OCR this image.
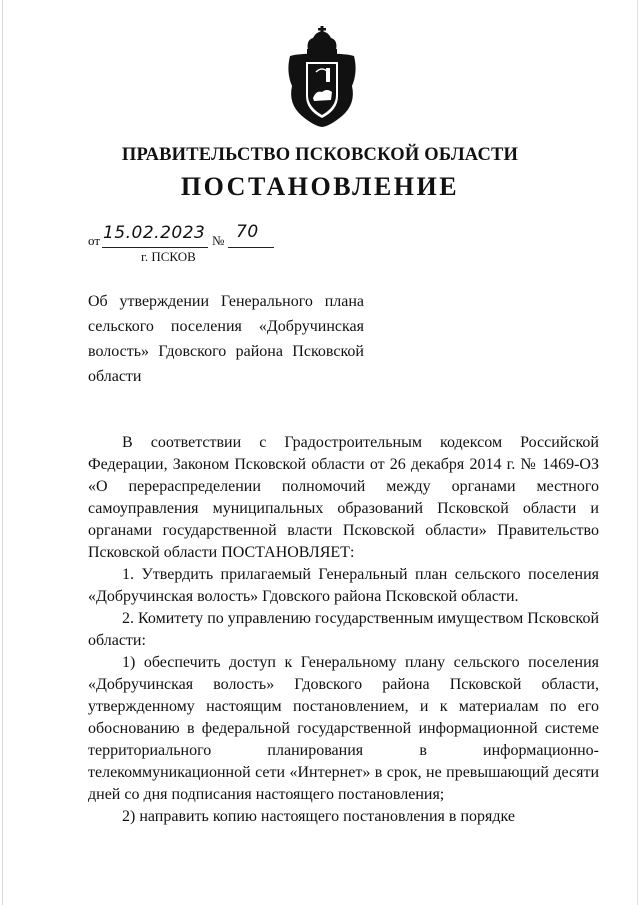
ПРАВИТЕЛЬСТВО ПСКОВСКОЙ ОБЛАСТИ
ПОСТАНОВЛЕНИЕ
от 15.02.2023 № 70
г. ПСКОВ
Об утверждении Генерального плана сельского поселения «Добручинская волость» Гдовского района Псковской области

В соответствии с Градостроительным кодексом Российской Федерации, Законом Псковской области от 26 декабря 2014 г. № 1469-ОЗ «О перераспределении полномочий между органами местного самоуправления муниципальных образований Псковской области и органами государственной власти Псковской области» Правительство Псковской области ПОСТАНОВЛЯЕТ:

1. Утвердить прилагаемый Генеральный план сельского поселения «Добручинская волость» Гдовского района Псковской области.

2. Комитету по управлению государственным имуществом Псковской области:

1) обеспечить доступ к Генеральному плану сельского поселения «Добручинская волость» Гдовского района Псковской области, утвержденному настоящим постановлением, и к материалам по его обоснованию в федеральной государственной информационной системе территориального планирования в информационно-телекоммуникационной сети «Интернет» в срок, не превышающий десяти дней со дня подписания настоящего постановления;

2) направить копию настоящего постановления в порядке
